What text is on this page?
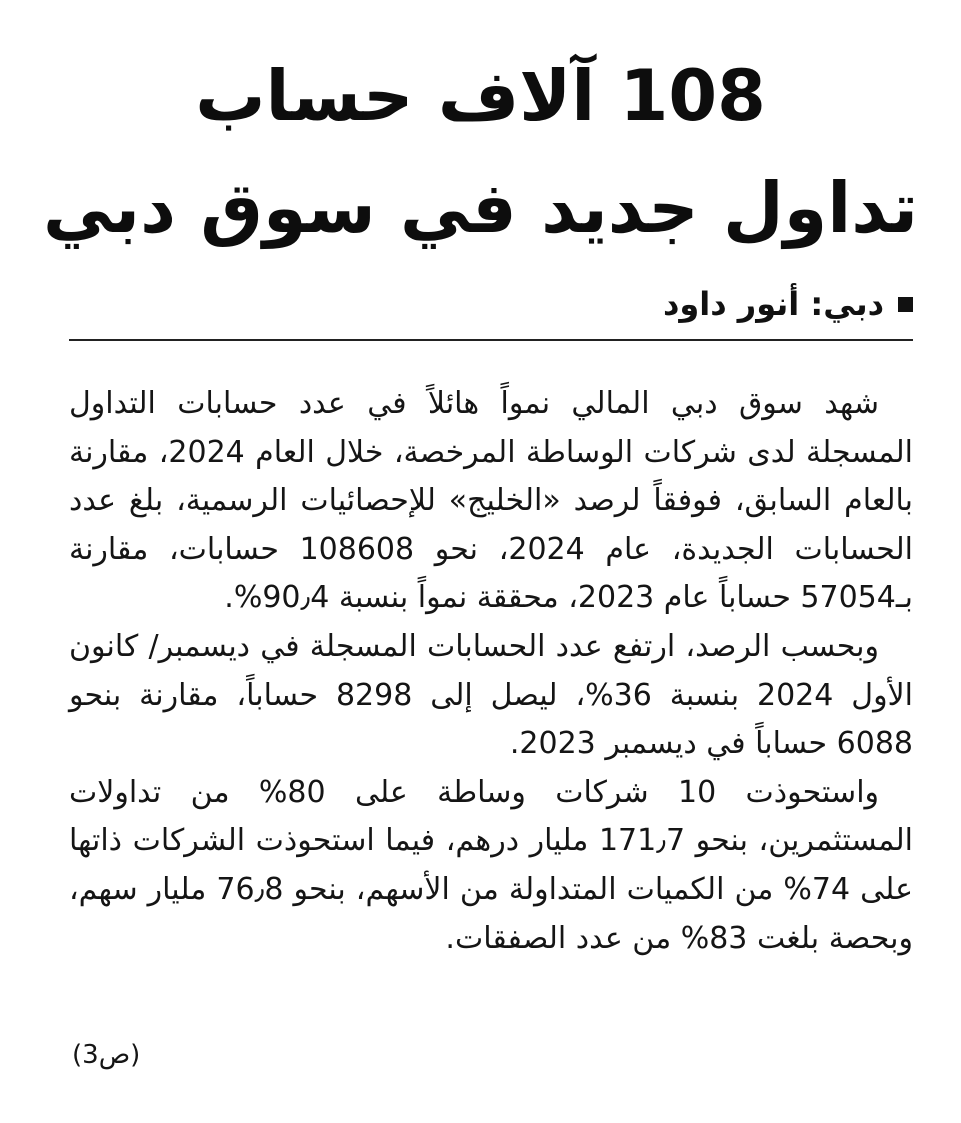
108 آلاف حساب
تداول جديد في سوق دبي
دبي: أنور داود

شهد سوق دبي المالي نمواً هائلاً في عدد حسابات التداول المسجلة لدى شركات الوساطة المرخصة، خلال العام 2024، مقارنة بالعام السابق، فوفقاً لرصد «الخليج» للإحصائيات الرسمية، بلغ عدد الحسابات الجديدة، عام 2024، نحو 108608 حسابات، مقارنة بـ57054 حساباً عام 2023، محققة نمواً بنسبة 90٫4%.

وبحسب الرصد، ارتفع عدد الحسابات المسجلة في ديسمبر/ كانون الأول 2024 بنسبة 36%، ليصل إلى 8298 حساباً، مقارنة بنحو 6088 حساباً في ديسمبر 2023.

واستحوذت 10 شركات وساطة على 80% من تداولات المستثمرين، بنحو 171٫7 مليار درهم، فيما استحوذت الشركات ذاتها على 74% من الكميات المتداولة من الأسهم، بنحو 76٫8 مليار سهم، وبحصة بلغت 83% من عدد الصفقات.

(ص3)
